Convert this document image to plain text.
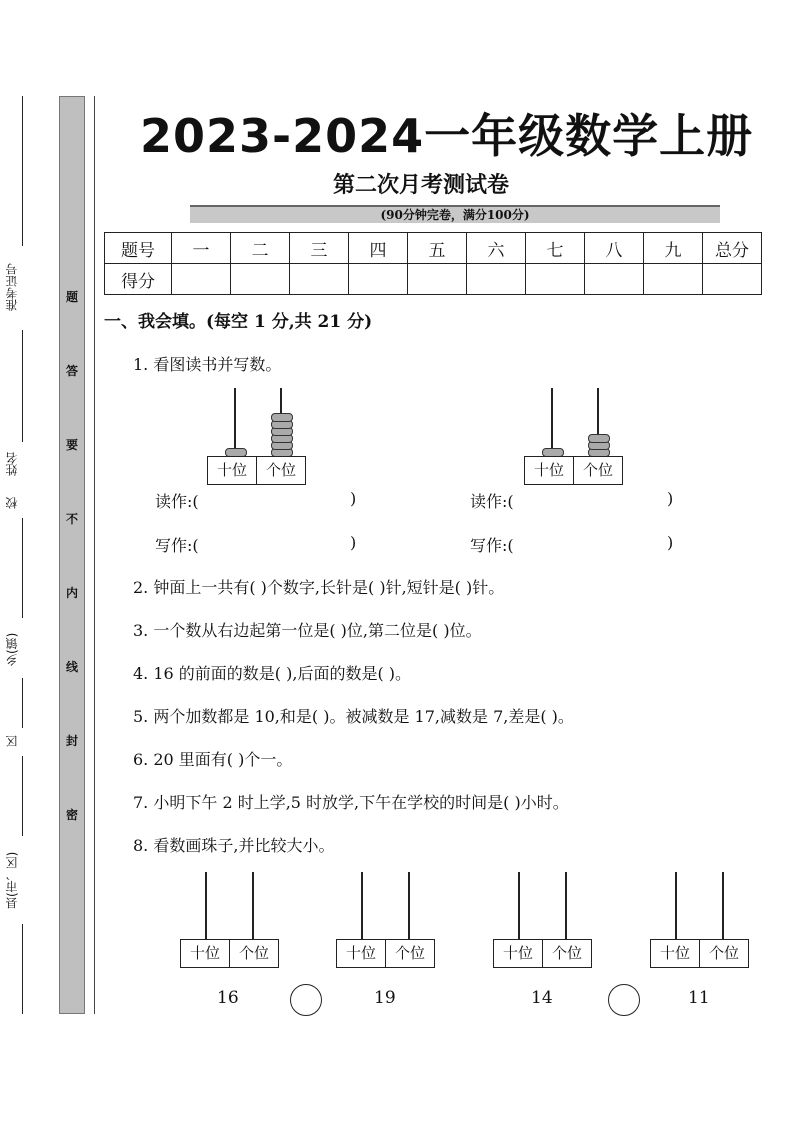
准考证号
姓名
校
乡(镇)
区
县(市、区)
题
答
要
不
内
线
封
密
2023-2024一年级数学上册
第二次月考测试卷
(90分钟完卷，满分100分)
题号	一	二	三	四	五	六	七	八	九	总分
得分										
一、我会填。(每空 1 分,共 21 分)
1. 看图读书并写数。
十位	个位	十位	个位
读作:(	)	读作:(	)
写作:(	)	写作:(	)
2. 钟面上一共有( )个数字,长针是( )针,短针是( )针。
3. 一个数从右边起第一位是( )位,第二位是( )位。
4. 16 的前面的数是( ),后面的数是( )。
5. 两个加数都是 10,和是( )。被减数是 17,减数是 7,差是( )。
6. 20 里面有( )个一。
7. 小明下午 2 时上学,5 时放学,下午在学校的时间是( )小时。
8. 看数画珠子,并比较大小。
十位	个位	十位	个位	十位	个位	十位	个位
16	19	14	11
